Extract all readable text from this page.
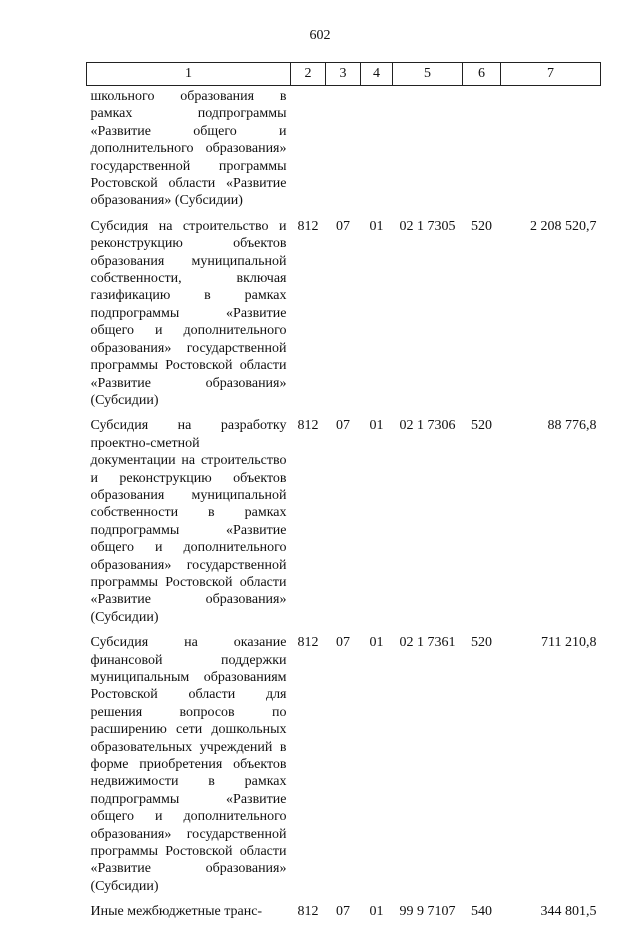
602
1	2	3	4	5	6	7
школьного образования в рамках подпрограммы «Развитие общего и дополнительного образования» государственной программы Ростовской области «Развитие образования» (Субсидии)						
Субсидия на строительство и реконструкцию объектов образования муниципальной собственности, включая газификацию в рамках подпрограммы «Развитие общего и дополнительного образования» государственной программы Ростовской области «Развитие образования» (Субсидии)	812	07	01	02 1 7305	520	2 208 520,7
Субсидия на разработку проектно-сметной документации на строительство и реконструкцию объектов образования муниципальной собственности в рамках подпрограммы «Развитие общего и дополнительного образования» государственной программы Ростовской области «Развитие образования» (Субсидии)	812	07	01	02 1 7306	520	88 776,8
Субсидия на оказание финансовой поддержки муниципальным образованиям Ростовской области для решения вопросов по расширению сети дошкольных образовательных учреждений в форме приобретения объектов недвижимости в рамках подпрограммы «Развитие общего и дополнительного образования» государственной программы Ростовской области «Развитие образования» (Субсидии)	812	07	01	02 1 7361	520	711 210,8
Иные межбюджетные транс-	812	07	01	99 9 7107	540	344 801,5
